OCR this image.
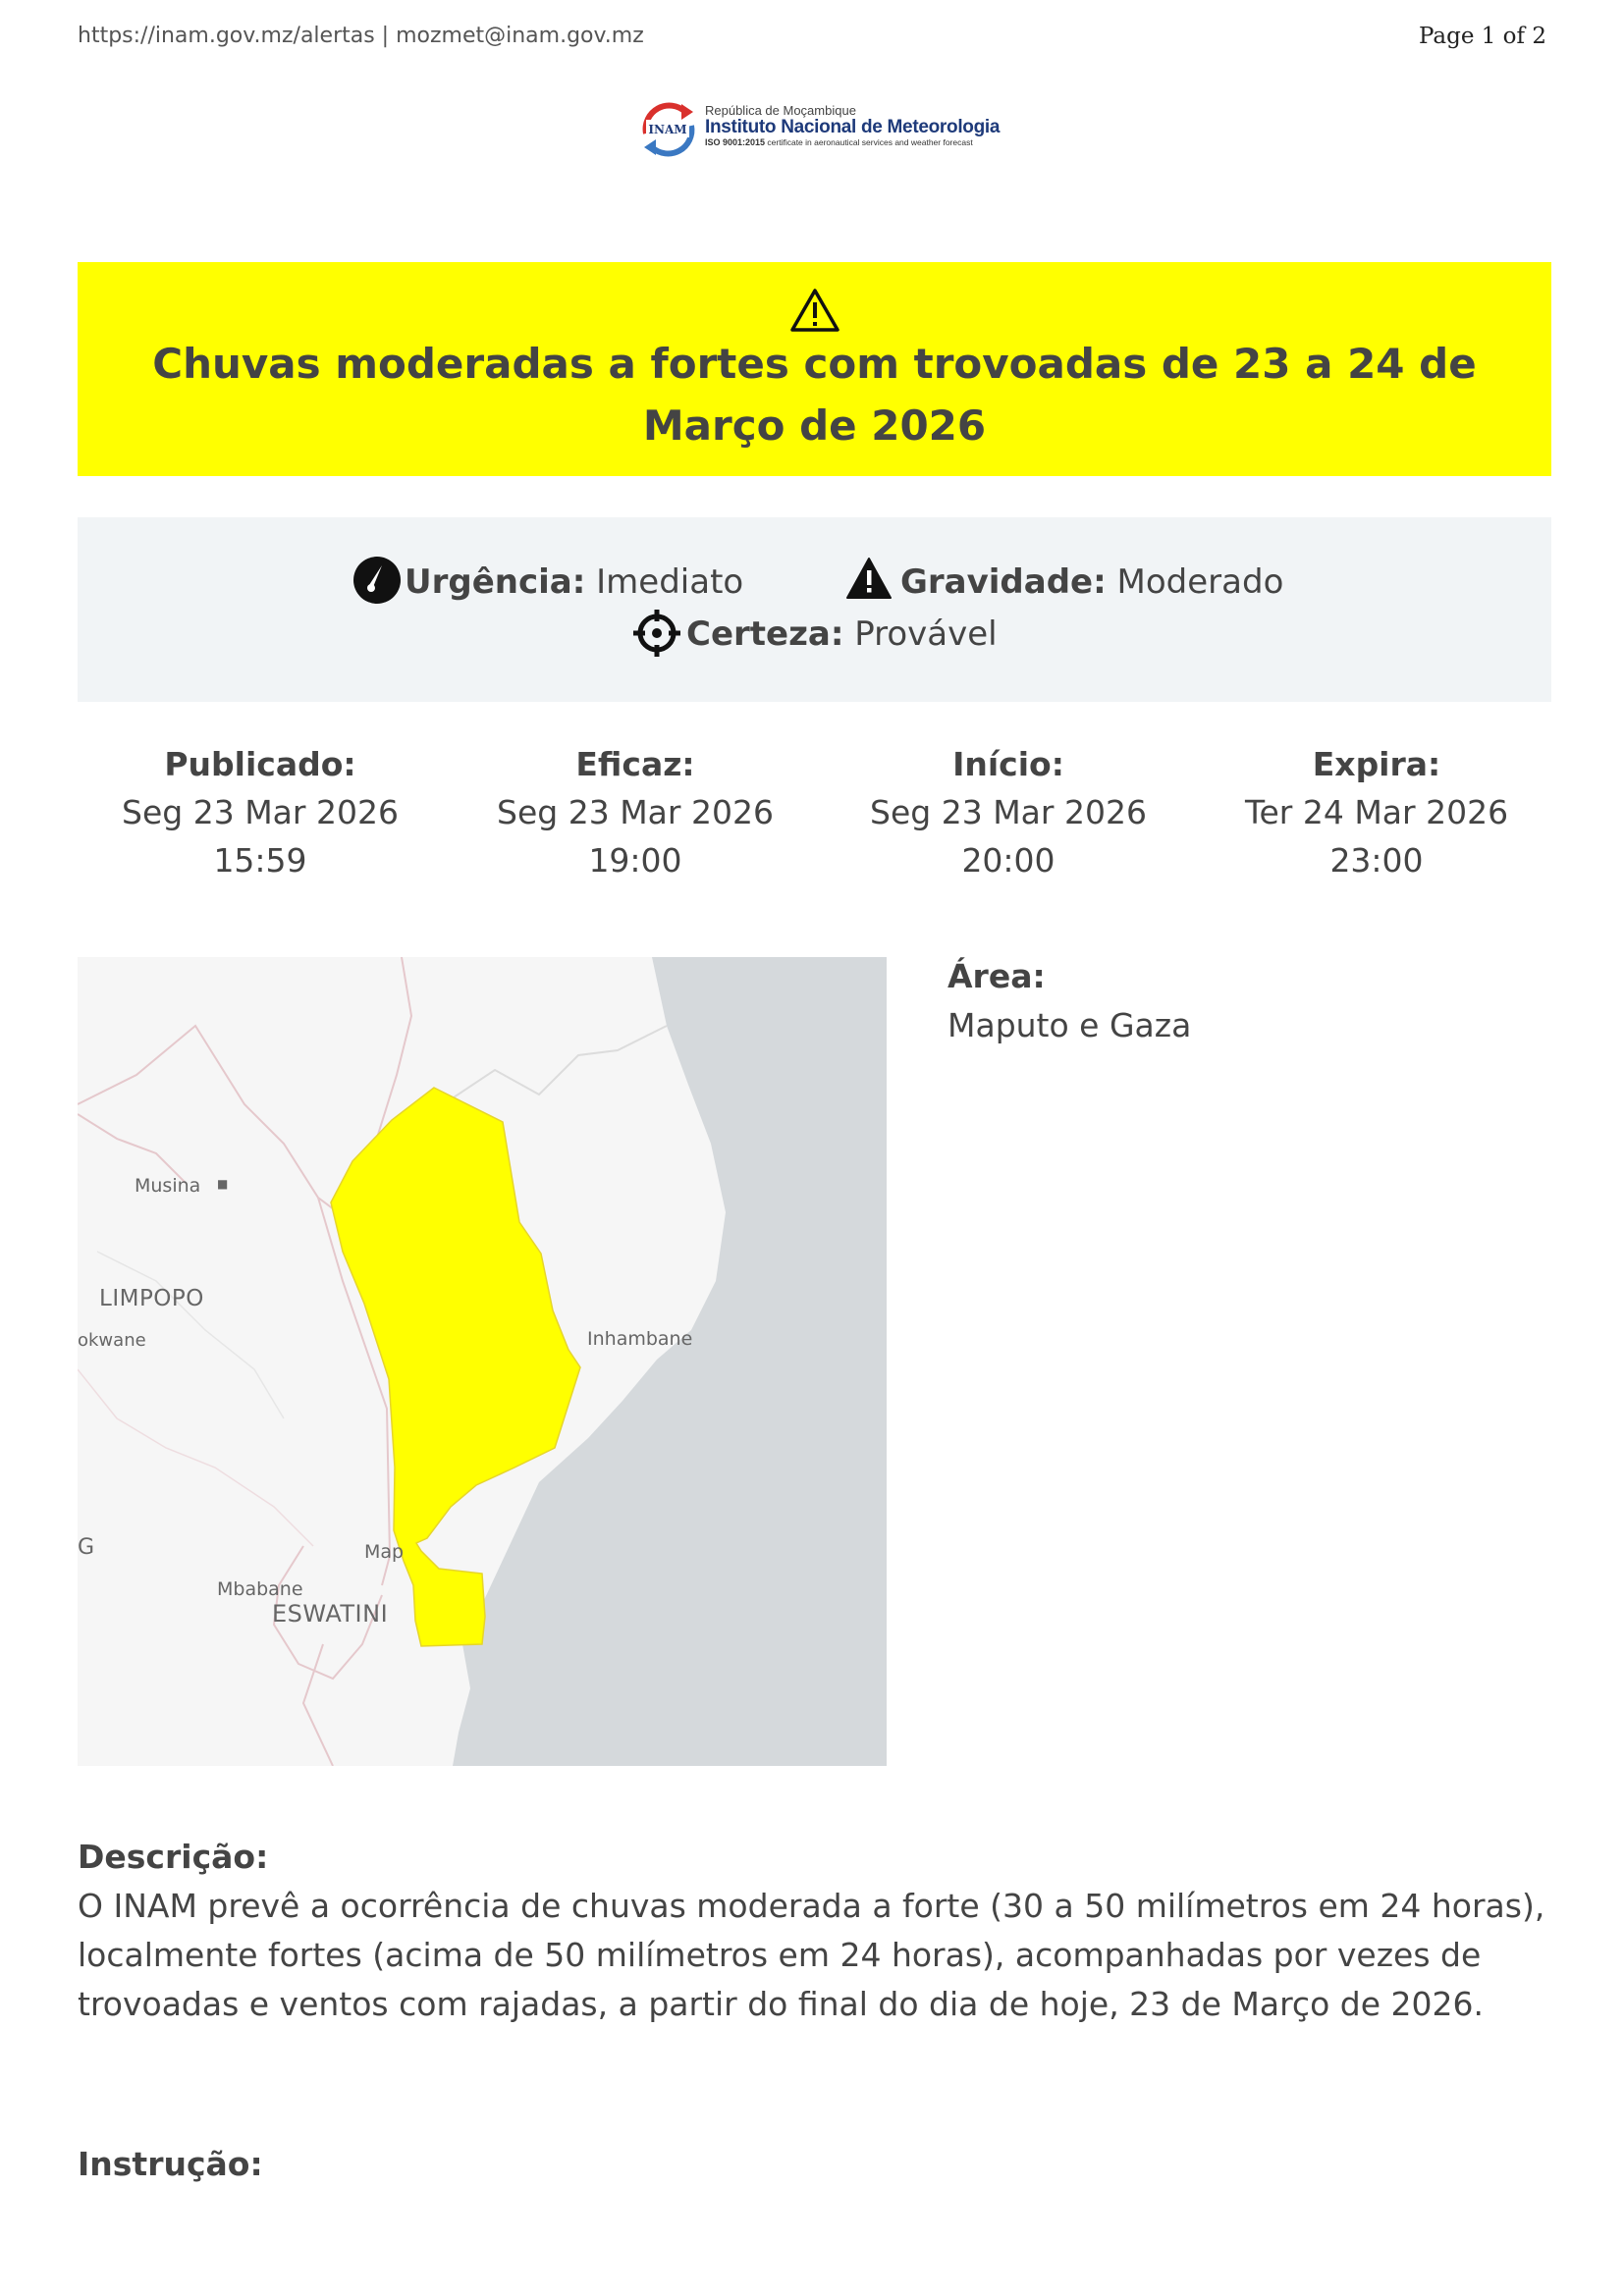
https://inam.gov.mz/alertas | mozmet@inam.gov.mz	Page 1 of 2
INAM
República de Moçambique
Instituto Nacional de Meteorologia
ISO 9001:2015 certificate in aeronautical services and weather forecast
Chuvas moderadas a fortes com trovoadas de 23 a 24 de Março de 2026
Urgência: Imediato	Gravidade: Moderado
Certeza: Provável
Publicado:
Seg 23 Mar 2026
15:59
Eficaz:
Seg 23 Mar 2026
19:00
Início:
Seg 23 Mar 2026
20:00
Expira:
Ter 24 Mar 2026
23:00
Musina ■
LIMPOPO
okwane	Inhambane
Map
Mbabane
ESWATINI
G
Área:
Maputo e Gaza
Descrição:
O INAM prevê a ocorrência de chuvas moderada a forte (30 a 50 milímetros em 24 horas), localmente fortes (acima de 50 milímetros em 24 horas), acompanhadas por vezes de trovoadas e ventos com rajadas, a partir do final do dia de hoje, 23 de Março de 2026.
Instrução:
